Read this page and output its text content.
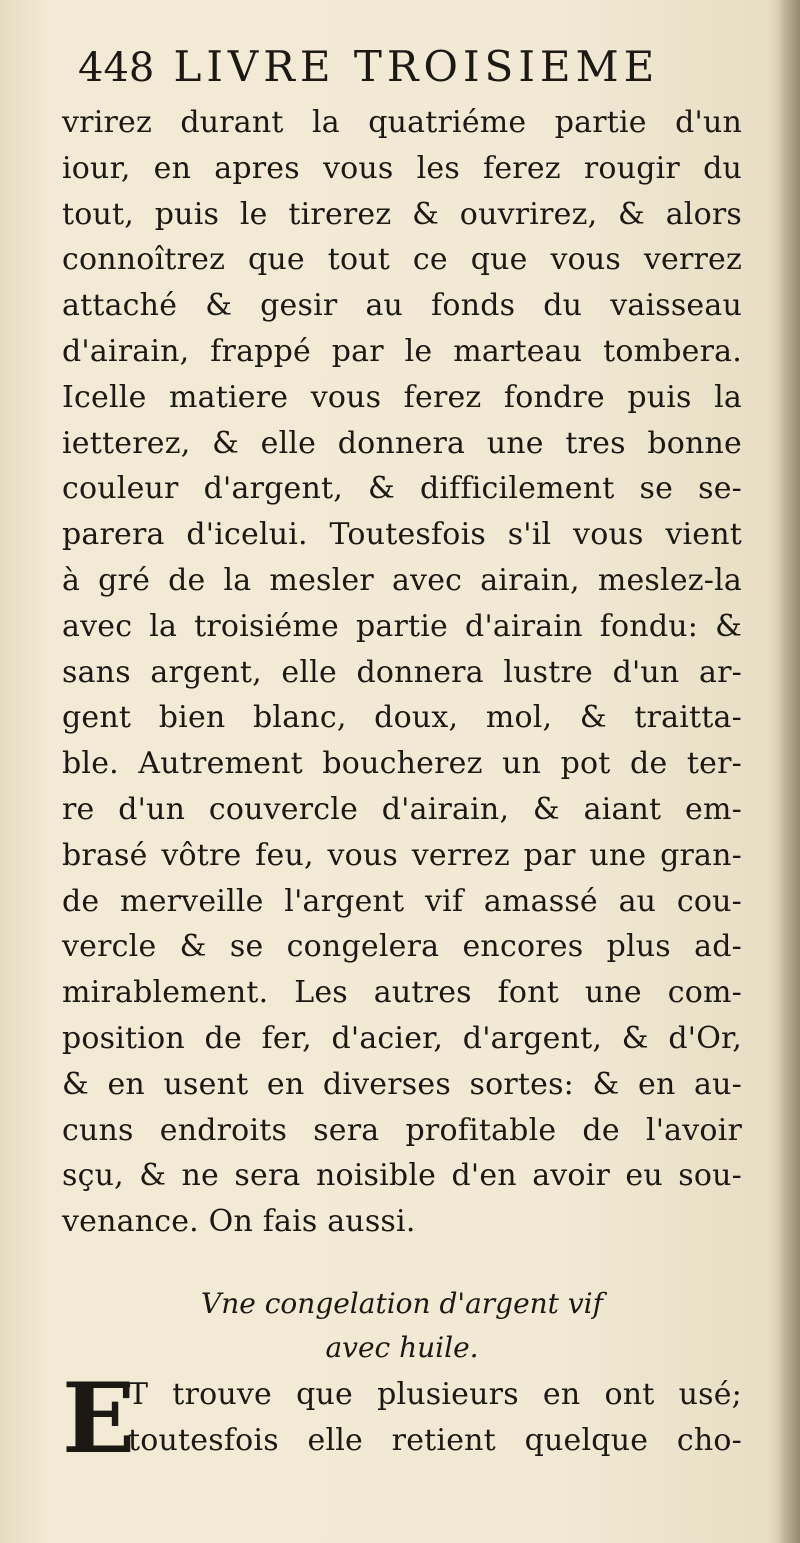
448 LIVRE TROISIEME
vrirez durant la quatriéme partie d'un
iour, en apres vous les ferez rougir du
tout, puis le tirerez & ouvrirez, & alors
connoîtrez que tout ce que vous verrez
attaché & gesir au fonds du vaisseau
d'airain, frappé par le marteau tombera.
Icelle matiere vous ferez fondre puis la
ietterez, & elle donnera une tres bonne
couleur d'argent, & difficilement se se-
parera d'icelui. Toutesfois s'il vous vient
à gré de la mesler avec airain, meslez-la
avec la troisiéme partie d'airain fondu: &
sans argent, elle donnera lustre d'un ar-
gent bien blanc, doux, mol, & traitta-
ble. Autrement boucherez un pot de ter-
re d'un couvercle d'airain, & aiant em-
brasé vôtre feu, vous verrez par une gran-
de merveille l'argent vif amassé au cou-
vercle & se congelera encores plus ad-
mirablement. Les autres font une com-
position de fer, d'acier, d'argent, & d'Or,
& en usent en diverses sortes: & en au-
cuns endroits sera profitable de l'avoir
sçu, & ne sera noisible d'en avoir eu sou-
venance. On fais aussi.
Vne congelation d'argent vif
avec huile.
E
T trouve que plusieurs en ont usé;
toutesfois elle retient quelque cho-
